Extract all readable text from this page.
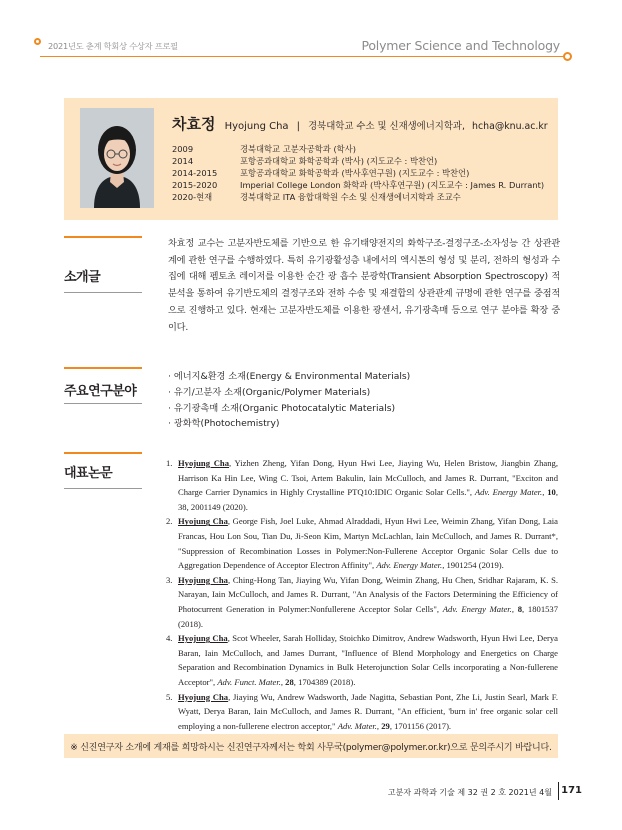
2021년도 춘계 학회상 수상자 프로필	Polymer Science and Technology
차효정 Hyojung Cha | 경북대학교 수소 및 신재생에너지학과, hcha@knu.ac.kr
2009	경북대학교 고분자공학과 (학사)
2014	포항공과대학교 화학공학과 (박사) (지도교수 : 박찬언)
2014-2015	포항공과대학교 화학공학과 (박사후연구원) (지도교수 : 박찬언)
2015-2020	Imperial College London 화학과 (박사후연구원) (지도교수 : James R. Durrant)
2020-현재	경북대학교 ITA 융합대학원 수소 및 신재생에너지학과 조교수
소개글
차효정 교수는 고분자반도체를 기반으로 한 유기태양전지의 화학구조-결정구조-소자성능 간 상관관계에 관한 연구를 수행하였다. 특히 유기광활성층 내에서의 엑시톤의 형성 및 분리, 전하의 형성과 수집에 대해 펨토초 레이저를 이용한 순간 광 흡수 분광학(Transient Absorption Spectroscopy) 적 분석을 통하여 유기반도체의 결정구조와 전하 수송 및 재결합의 상관관계 규명에 관한 연구를 중점적으로 진행하고 있다. 현재는 고분자반도체를 이용한 광센서, 유기광촉매 등으로 연구 분야를 확장 중이다.
주요연구분야
· 에너지&환경 소재(Energy & Environmental Materials)
· 유기/고분자 소재(Organic/Polymer Materials)
· 유기광촉매 소재(Organic Photocatalytic Materials)
· 광화학(Photochemistry)
대표논문
1. Hyojung Cha, Yizhen Zheng, Yifan Dong, Hyun Hwi Lee, Jiaying Wu, Helen Bristow, Jiangbin Zhang, Harrison Ka Hin Lee, Wing C. Tsoi, Artem Bakulin, Iain McCulloch, and James R. Durrant, "Exciton and Charge Carrier Dynamics in Highly Crystalline PTQ10:IDIC Organic Solar Cells.", Adv. Energy Mater., 10, 38, 2001149 (2020).
2. Hyojung Cha, George Fish, Joel Luke, Ahmad Alraddadi, Hyun Hwi Lee, Weimin Zhang, Yifan Dong, Laia Francas, Hou Lon Sou, Tian Du, Ji-Seon Kim, Martyn McLachlan, Iain McCulloch, and James R. Durrant*, "Suppression of Recombination Losses in Polymer:Non-Fullerene Acceptor Organic Solar Cells due to Aggregation Dependence of Acceptor Electron Affinity", Adv. Energy Mater., 1901254 (2019).
3. Hyojung Cha, Ching-Hong Tan, Jiaying Wu, Yifan Dong, Weimin Zhang, Hu Chen, Sridhar Rajaram, K. S. Narayan, Iain McCulloch, and James R. Durrant, "An Analysis of the Factors Determining the Efficiency of Photocurrent Generation in Polymer:Nonfullerene Acceptor Solar Cells", Adv. Energy Mater., 8, 1801537 (2018).
4. Hyojung Cha, Scot Wheeler, Sarah Holliday, Stoichko Dimitrov, Andrew Wadsworth, Hyun Hwi Lee, Derya Baran, Iain McCulloch, and James Durrant, "Influence of Blend Morphology and Energetics on Charge Separation and Recombination Dynamics in Bulk Heterojunction Solar Cells incorporating a Non-fullerene Acceptor", Adv. Funct. Mater., 28, 1704389 (2018).
5. Hyojung Cha, Jiaying Wu, Andrew Wadsworth, Jade Nagitta, Sebastian Pont, Zhe Li, Justin Searl, Mark F. Wyatt, Derya Baran, Iain McCulloch, and James R. Durrant, "An efficient, 'burn in' free organic solar cell employing a non-fullerene electron acceptor," Adv. Mater., 29, 1701156 (2017).
※ 신진연구자 소개에 게재를 희망하시는 신진연구자께서는 학회 사무국(polymer@polymer.or.kr)으로 문의주시기 바랍니다.
고분자 과학과 기술 제 32 권 2 호 2021년 4월 171
